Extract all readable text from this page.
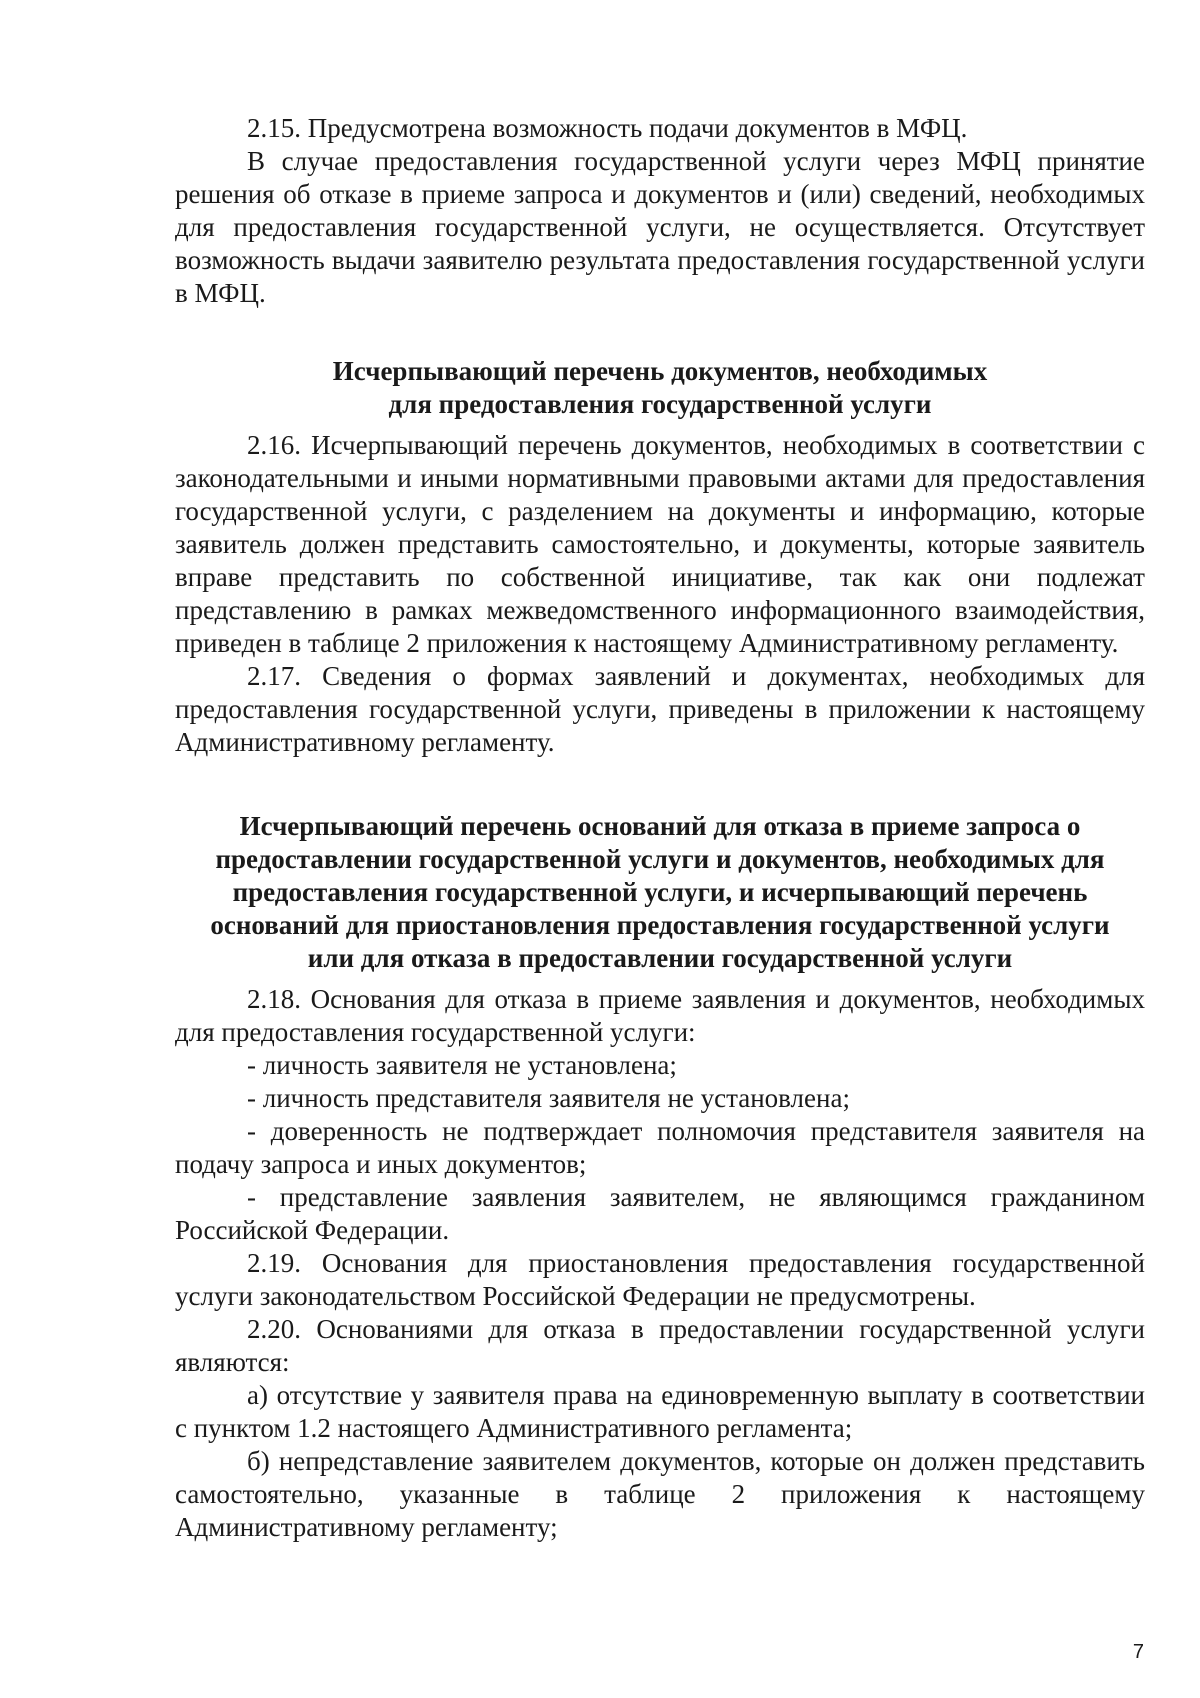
2.15. Предусмотрена возможность подачи документов в МФЦ.

В случае предоставления государственной услуги через МФЦ принятие решения об отказе в приеме запроса и документов и (или) сведений, необходимых для предоставления государственной услуги, не осуществляется. Отсутствует возможность выдачи заявителю результата предоставления государственной услуги в МФЦ.

Исчерпывающий перечень документов, необходимых
для предоставления государственной услуги

2.16. Исчерпывающий перечень документов, необходимых в соответствии с законодательными и иными нормативными правовыми актами для предоставления государственной услуги, с разделением на документы и информацию, которые заявитель должен представить самостоятельно, и документы, которые заявитель вправе представить по собственной инициативе, так как они подлежат представлению в рамках межведомственного информационного взаимодействия, приведен в таблице 2 приложения к настоящему Административному регламенту.

2.17. Сведения о формах заявлений и документах, необходимых для предоставления государственной услуги, приведены в приложении к настоящему Административному регламенту.

Исчерпывающий перечень оснований для отказа в приеме запроса о
предоставлении государственной услуги и документов, необходимых для
предоставления государственной услуги, и исчерпывающий перечень
оснований для приостановления предоставления государственной услуги
или для отказа в предоставлении государственной услуги

2.18. Основания для отказа в приеме заявления и документов, необходимых для предоставления государственной услуги:

- личность заявителя не установлена;

- личность представителя заявителя не установлена;

- доверенность не подтверждает полномочия представителя заявителя на подачу запроса и иных документов;

- представление заявления заявителем, не являющимся гражданином Российской Федерации.

2.19. Основания для приостановления предоставления государственной услуги законодательством Российской Федерации не предусмотрены.

2.20. Основаниями для отказа в предоставлении государственной услуги являются:

а) отсутствие у заявителя права на единовременную выплату в соответствии с пунктом 1.2 настоящего Административного регламента;

б) непредставление заявителем документов, которые он должен представить самостоятельно, указанные в таблице 2 приложения к настоящему Административному регламенту;

7
